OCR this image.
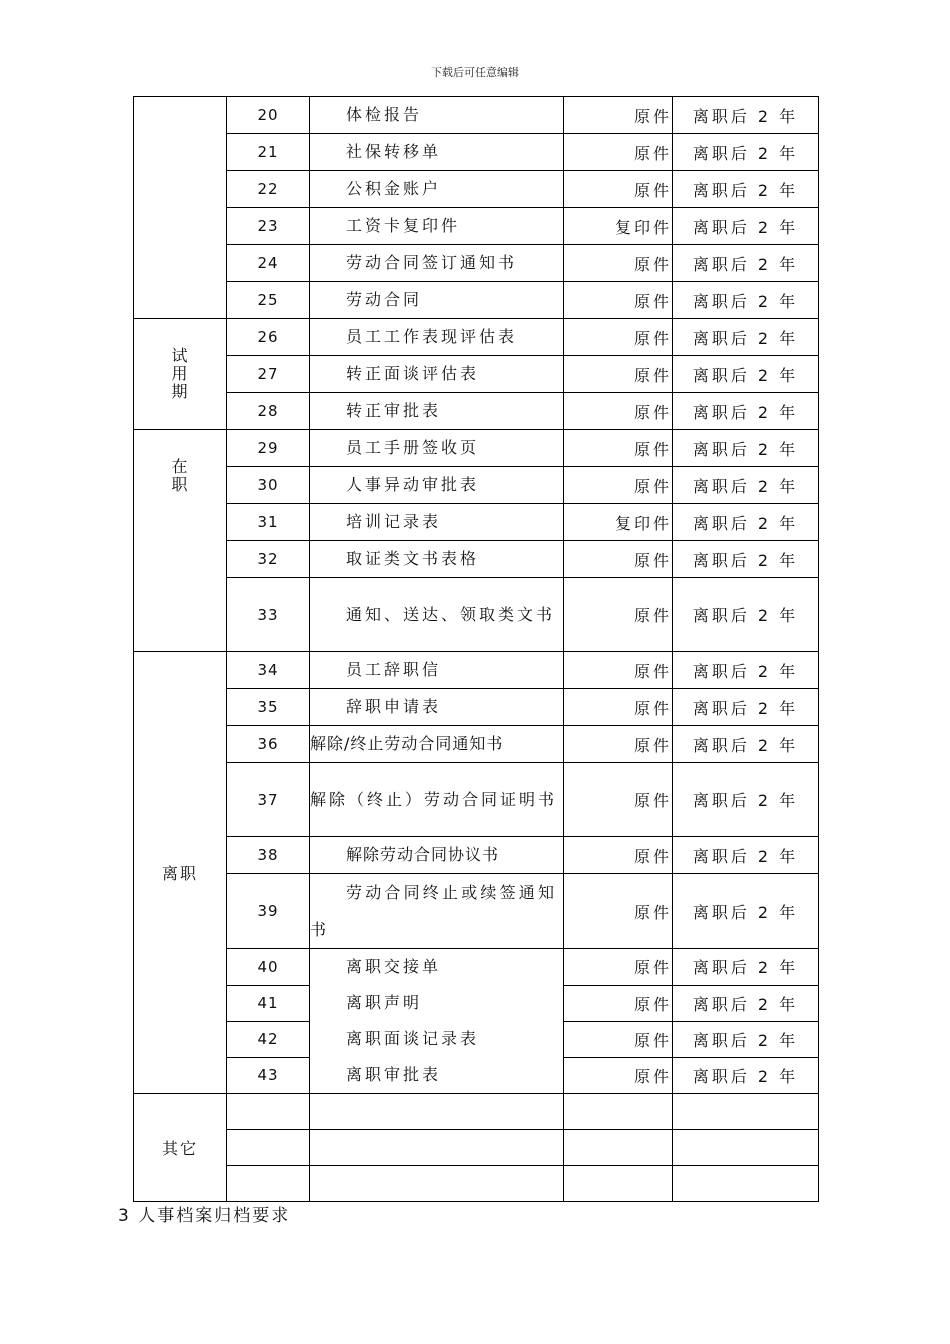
下载后可任意编辑
	20	体检报告	原件	离职后 2 年
	21	社保转移单	原件	离职后 2 年
	22	公积金账户	原件	离职后 2 年
	23	工资卡复印件	复印件	离职后 2 年
	24	劳动合同签订通知书	原件	离职后 2 年
	25	劳动合同	原件	离职后 2 年
试用期	26	员工工作表现评估表	原件	离职后 2 年
	27	转正面谈评估表	原件	离职后 2 年
	28	转正审批表	原件	离职后 2 年
在职	29	员工手册签收页	原件	离职后 2 年
	30	人事异动审批表	原件	离职后 2 年
	31	培训记录表	复印件	离职后 2 年
	32	取证类文书表格	原件	离职后 2 年
	33	通知、送达、领取类文书	原件	离职后 2 年
离职	34	员工辞职信	原件	离职后 2 年
	35	辞职申请表	原件	离职后 2 年
	36	解除/终止劳动合同通知书	原件	离职后 2 年
	37	解除（终止）劳动合同证明书	原件	离职后 2 年
	38	解除劳动合同协议书	原件	离职后 2 年
	39	劳动合同终止或续签通知书	原件	离职后 2 年
	40	离职交接单	原件	离职后 2 年
	41	离职声明	原件	离职后 2 年
	42	离职面谈记录表	原件	离职后 2 年
	43	离职审批表	原件	离职后 2 年
其它				

3 人事档案归档要求
